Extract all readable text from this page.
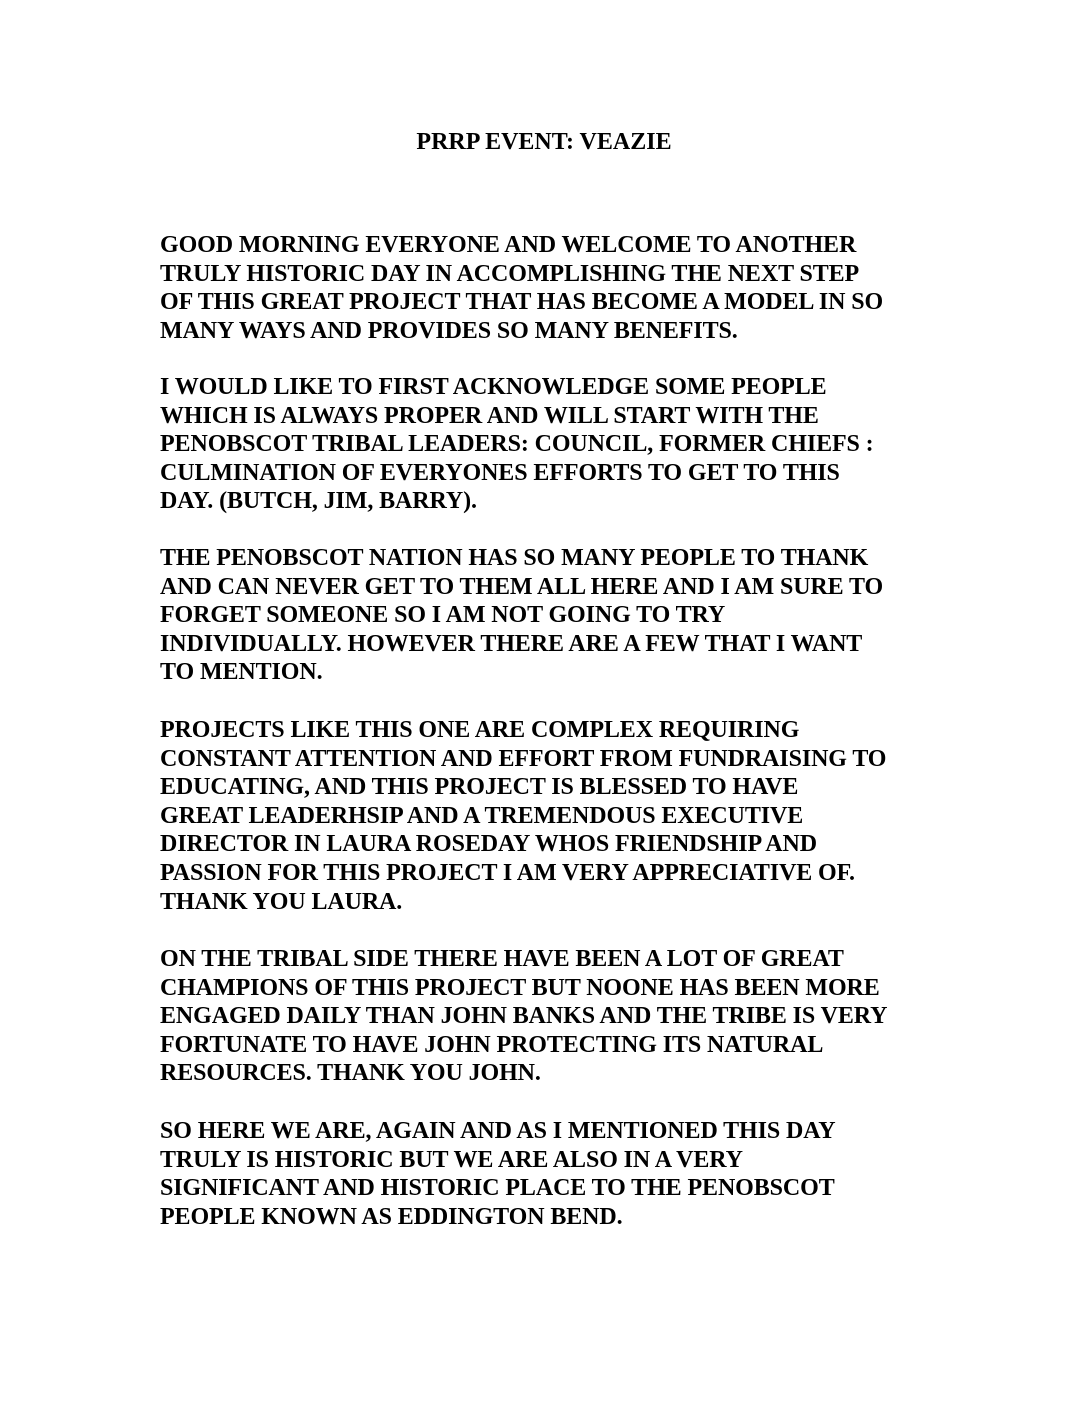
PRRP EVENT: VEAZIE
GOOD MORNING EVERYONE AND WELCOME TO ANOTHER
TRULY HISTORIC DAY IN ACCOMPLISHING THE NEXT STEP
OF THIS GREAT PROJECT THAT HAS BECOME A MODEL IN SO
MANY WAYS AND PROVIDES SO MANY BENEFITS.
I WOULD LIKE TO FIRST ACKNOWLEDGE SOME PEOPLE
WHICH IS ALWAYS PROPER AND WILL START WITH THE
PENOBSCOT TRIBAL LEADERS: COUNCIL, FORMER CHIEFS :
CULMINATION OF EVERYONES EFFORTS TO GET TO THIS
DAY. (BUTCH, JIM, BARRY).
THE PENOBSCOT NATION HAS SO MANY PEOPLE TO THANK
AND CAN NEVER GET TO THEM ALL HERE AND I AM SURE TO
FORGET SOMEONE SO I AM NOT GOING TO TRY
INDIVIDUALLY. HOWEVER THERE ARE A FEW THAT I WANT
TO MENTION.
PROJECTS LIKE THIS ONE ARE COMPLEX REQUIRING
CONSTANT ATTENTION AND EFFORT FROM FUNDRAISING TO
EDUCATING, AND THIS PROJECT IS BLESSED TO HAVE
GREAT LEADERHSIP AND A TREMENDOUS EXECUTIVE
DIRECTOR IN LAURA ROSEDAY WHOS FRIENDSHIP AND
PASSION FOR THIS PROJECT I AM VERY APPRECIATIVE OF.
THANK YOU LAURA.
ON THE TRIBAL SIDE THERE HAVE BEEN A LOT OF GREAT
CHAMPIONS OF THIS PROJECT BUT NOONE HAS BEEN MORE
ENGAGED DAILY THAN JOHN BANKS AND THE TRIBE IS VERY
FORTUNATE TO HAVE JOHN PROTECTING ITS NATURAL
RESOURCES. THANK YOU JOHN.
SO HERE WE ARE, AGAIN AND AS I MENTIONED THIS DAY
TRULY IS HISTORIC BUT WE ARE ALSO IN A VERY
SIGNIFICANT AND HISTORIC PLACE TO THE PENOBSCOT
PEOPLE KNOWN AS EDDINGTON BEND.
